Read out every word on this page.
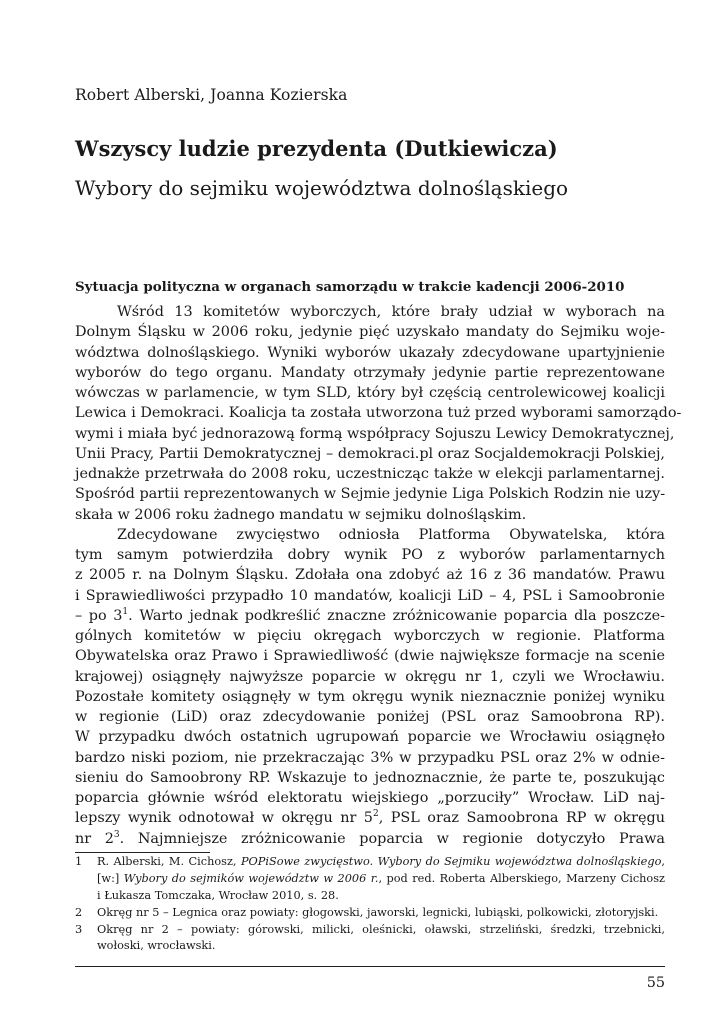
Robert Alberski, Joanna Kozierska
Wszyscy ludzie prezydenta (Dutkiewicza)
Wybory do sejmiku województwa dolnośląskiego
Sytuacja polityczna w organach samorządu w trakcie kadencji 2006-2010
Wśród 13 komitetów wyborczych, które brały udział w wyborach na
Dolnym Śląsku w 2006 roku, jedynie pięć uzyskało mandaty do Sejmiku woje-
wództwa dolnośląskiego. Wyniki wyborów ukazały zdecydowane upartyjnienie
wyborów do tego organu. Mandaty otrzymały jedynie partie reprezentowane
wówczas w parlamencie, w tym SLD, który był częścią centrolewicowej koalicji
Lewica i Demokraci. Koalicja ta została utworzona tuż przed wyborami samorządo-
wymi i miała być jednorazową formą współpracy Sojuszu Lewicy Demokratycznej,
Unii Pracy, Partii Demokratycznej – demokraci.pl oraz Socjaldemokracji Polskiej,
jednakże przetrwała do 2008 roku, uczestnicząc także w elekcji parlamentarnej.
Spośród partii reprezentowanych w Sejmie jedynie Liga Polskich Rodzin nie uzy-
skała w 2006 roku żadnego mandatu w sejmiku dolnośląskim.
Zdecydowane zwycięstwo odniosła Platforma Obywatelska, która
tym samym potwierdziła dobry wynik PO z wyborów parlamentarnych
z 2005 r. na Dolnym Śląsku. Zdołała ona zdobyć aż 16 z 36 mandatów. Prawu
i Sprawiedliwości przypadło 10 mandatów, koalicji LiD – 4, PSL i Samoobronie
– po $3^1$. Warto jednak podkreślić znaczne zróżnicowanie poparcia dla poszcze-
gólnych komitetów w pięciu okręgach wyborczych w regionie. Platforma
Obywatelska oraz Prawo i Sprawiedliwość (dwie największe formacje na scenie
krajowej) osiągnęły najwyższe poparcie w okręgu nr 1, czyli we Wrocławiu.
Pozostałe komitety osiągnęły w tym okręgu wynik nieznacznie poniżej wyniku
w regionie (LiD) oraz zdecydowanie poniżej (PSL oraz Samoobrona RP).
W przypadku dwóch ostatnich ugrupowań poparcie we Wrocławiu osiągnęło
bardzo niski poziom, nie przekraczając 3% w przypadku PSL oraz 2% w odnie-
sieniu do Samoobrony RP. Wskazuje to jednoznacznie, że parte te, poszukując
poparcia głównie wśród elektoratu wiejskiego „porzuciły” Wrocław. LiD naj-
lepszy wynik odnotował w okręgu nr $5^2$, PSL oraz Samoobrona RP w okręgu
nr $2^3$. Najmniejsze zróżnicowanie poparcia w regionie dotyczyło Prawa
1 R. Alberski, M. Cichosz, POPiSowe zwycięstwo. Wybory do Sejmiku województwa dolnośląskiego,
[w:] Wybory do sejmików województw w 2006 r., pod red. Roberta Alberskiego, Marzeny Cichosz
i Łukasza Tomczaka, Wrocław 2010, s. 28.
2 Okręg nr 5 – Legnica oraz powiaty: głogowski, jaworski, legnicki, lubiąski, polkowicki, złotoryjski.
3 Okręg nr 2 – powiaty: górowski, milicki, oleśnicki, oławski, strzeliński, średzki, trzebnicki,
wołoski, wrocławski.
55
